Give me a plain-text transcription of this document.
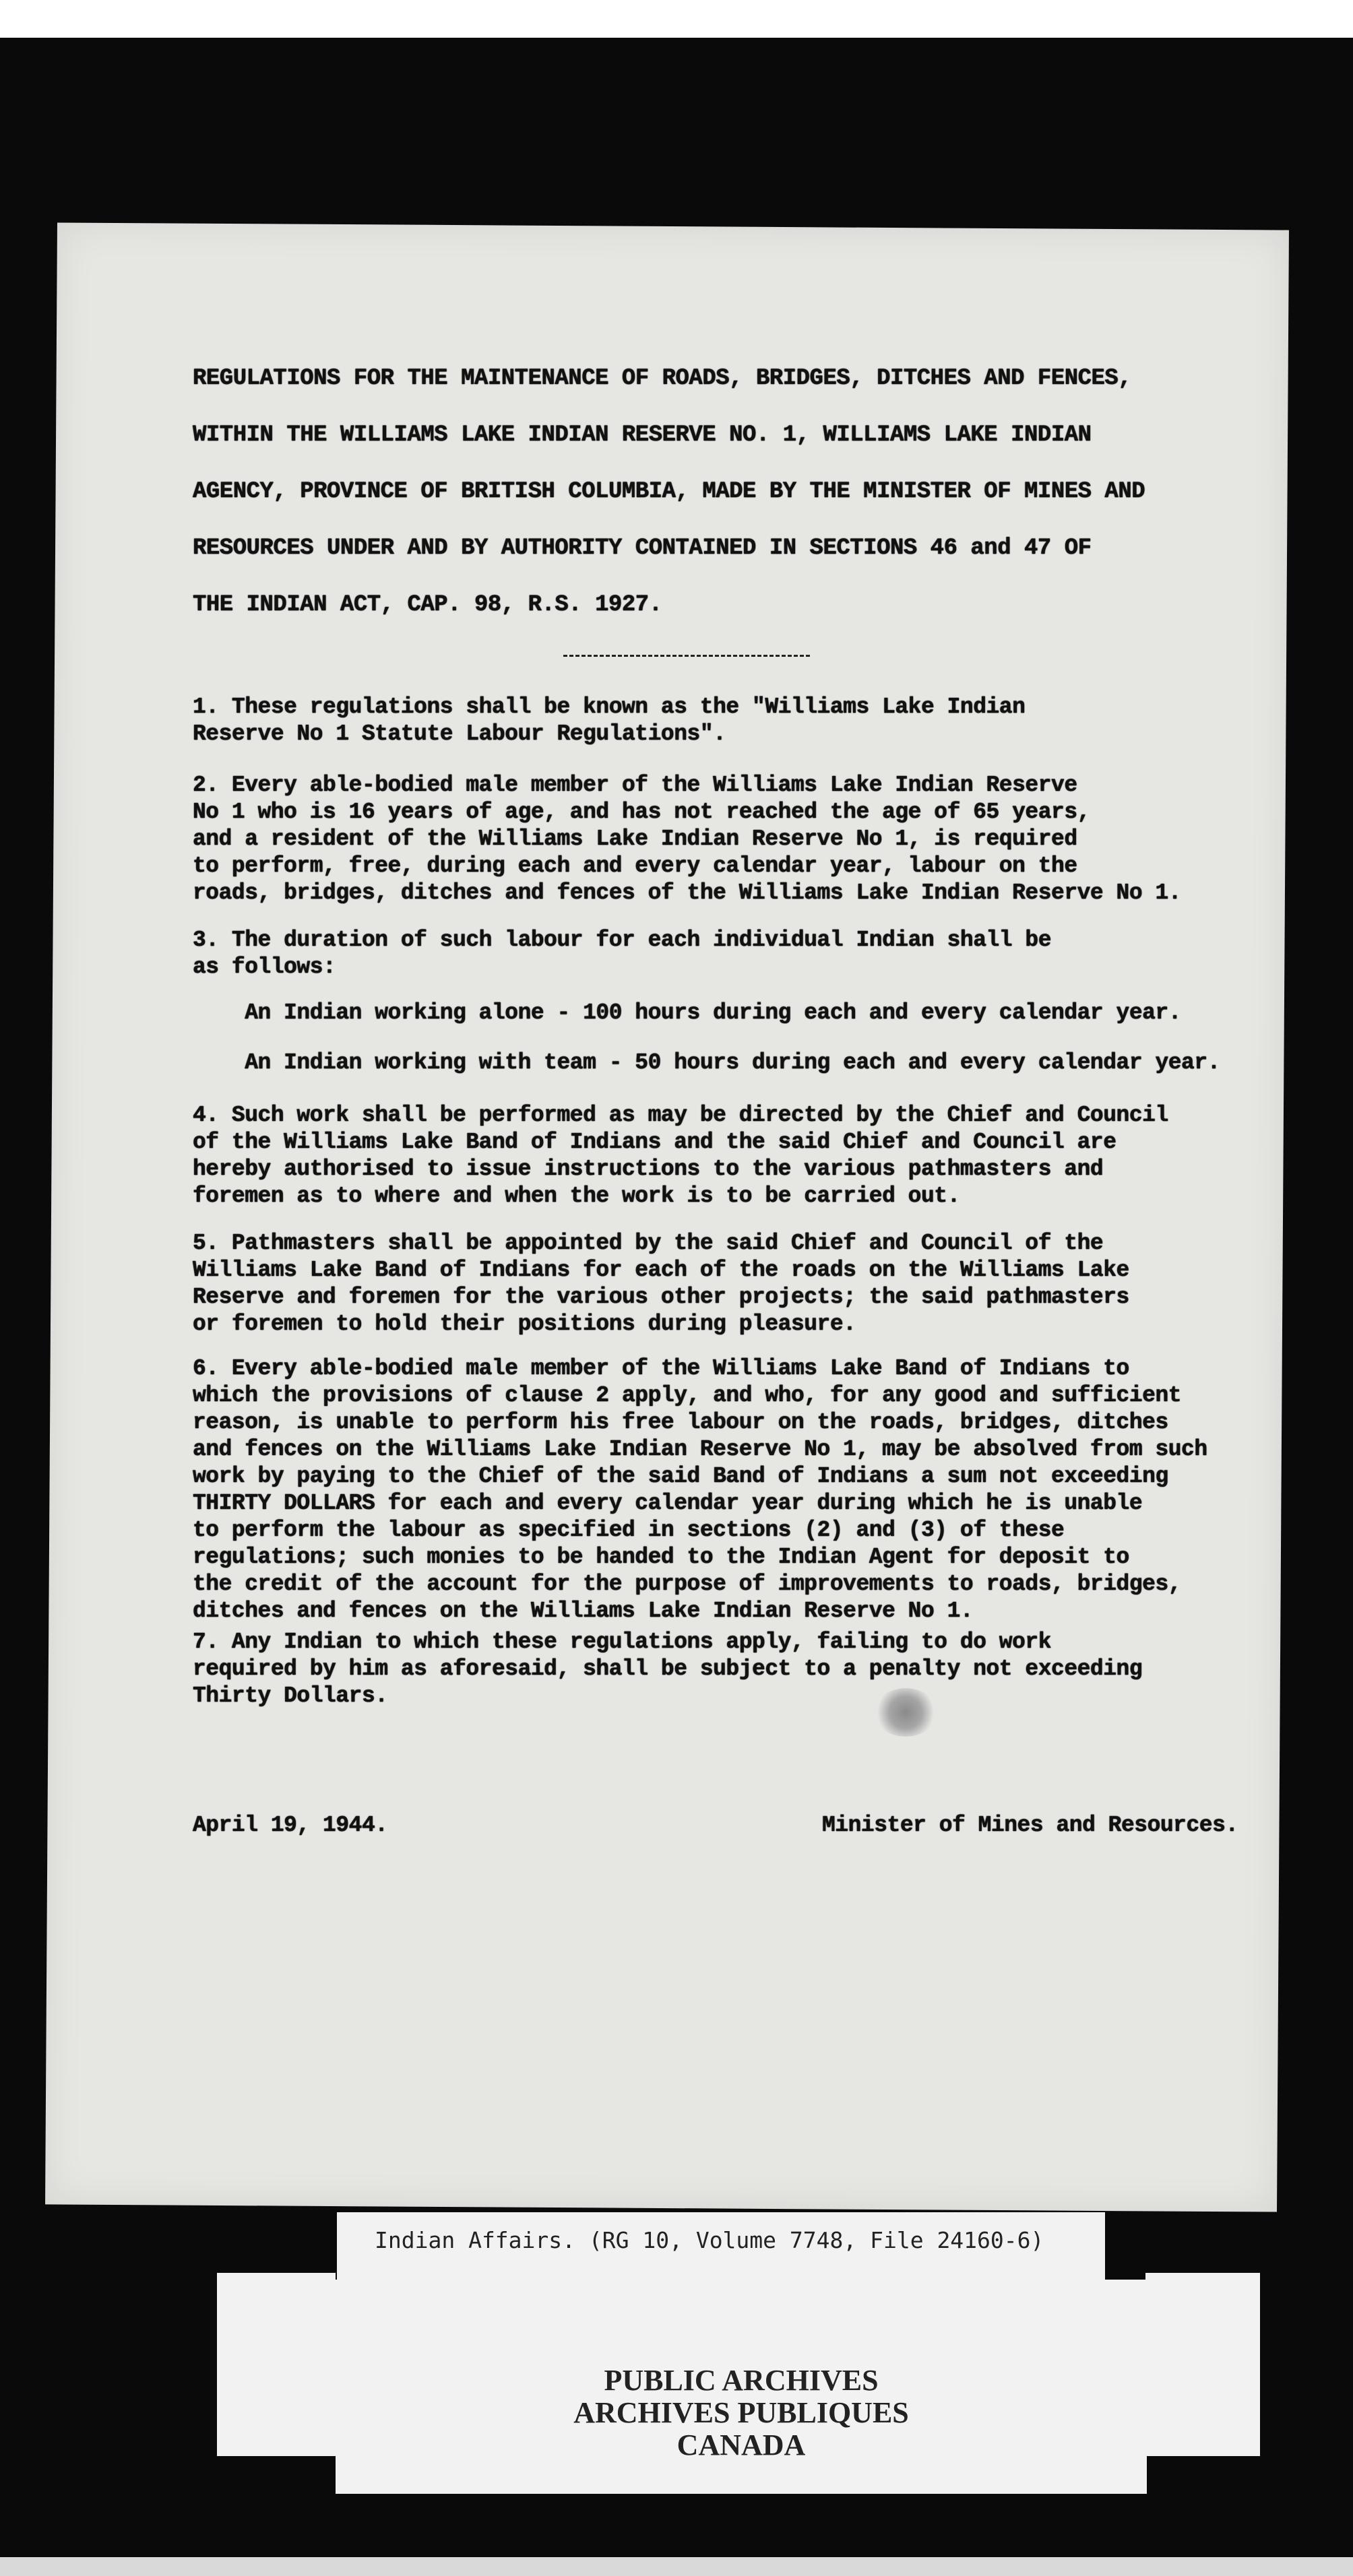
REGULATIONS FOR THE MAINTENANCE OF ROADS, BRIDGES, DITCHES AND FENCES,
WITHIN THE WILLIAMS LAKE INDIAN RESERVE NO. 1, WILLIAMS LAKE INDIAN
AGENCY, PROVINCE OF BRITISH COLUMBIA, MADE BY THE MINISTER OF MINES AND
RESOURCES UNDER AND BY AUTHORITY CONTAINED IN SECTIONS 46 and 47 OF
THE INDIAN ACT, CAP. 98, R.S. 1927.
1. These regulations shall be known as the "Williams Lake Indian
Reserve No 1 Statute Labour Regulations".
2. Every able-bodied male member of the Williams Lake Indian Reserve
No 1 who is 16 years of age, and has not reached the age of 65 years,
and a resident of the Williams Lake Indian Reserve No 1, is required
to perform, free, during each and every calendar year, labour on the
roads, bridges, ditches and fences of the Williams Lake Indian Reserve No 1.
3. The duration of such labour for each individual Indian shall be
as follows:
An Indian working alone - 100 hours during each and every calendar year.
An Indian working with team - 50 hours during each and every calendar year.
4. Such work shall be performed as may be directed by the Chief and Council
of the Williams Lake Band of Indians and the said Chief and Council are
hereby authorised to issue instructions to the various pathmasters and
foremen as to where and when the work is to be carried out.
5. Pathmasters shall be appointed by the said Chief and Council of the
Williams Lake Band of Indians for each of the roads on the Williams Lake
Reserve and foremen for the various other projects; the said pathmasters
or foremen to hold their positions during pleasure.
6. Every able-bodied male member of the Williams Lake Band of Indians to
which the provisions of clause 2 apply, and who, for any good and sufficient
reason, is unable to perform his free labour on the roads, bridges, ditches
and fences on the Williams Lake Indian Reserve No 1, may be absolved from such
work by paying to the Chief of the said Band of Indians a sum not exceeding
THIRTY DOLLARS for each and every calendar year during which he is unable
to perform the labour as specified in sections (2) and (3) of these
regulations; such monies to be handed to the Indian Agent for deposit to
the credit of the account for the purpose of improvements to roads, bridges,
ditches and fences on the Williams Lake Indian Reserve No 1.
7. Any Indian to which these regulations apply, failing to do work
required by him as aforesaid, shall be subject to a penalty not exceeding
Thirty Dollars.
April 19, 1944.	Minister of Mines and Resources.
Indian Affairs. (RG 10, Volume 7748, File 24160-6)
PUBLIC ARCHIVES
ARCHIVES PUBLIQUES
CANADA
